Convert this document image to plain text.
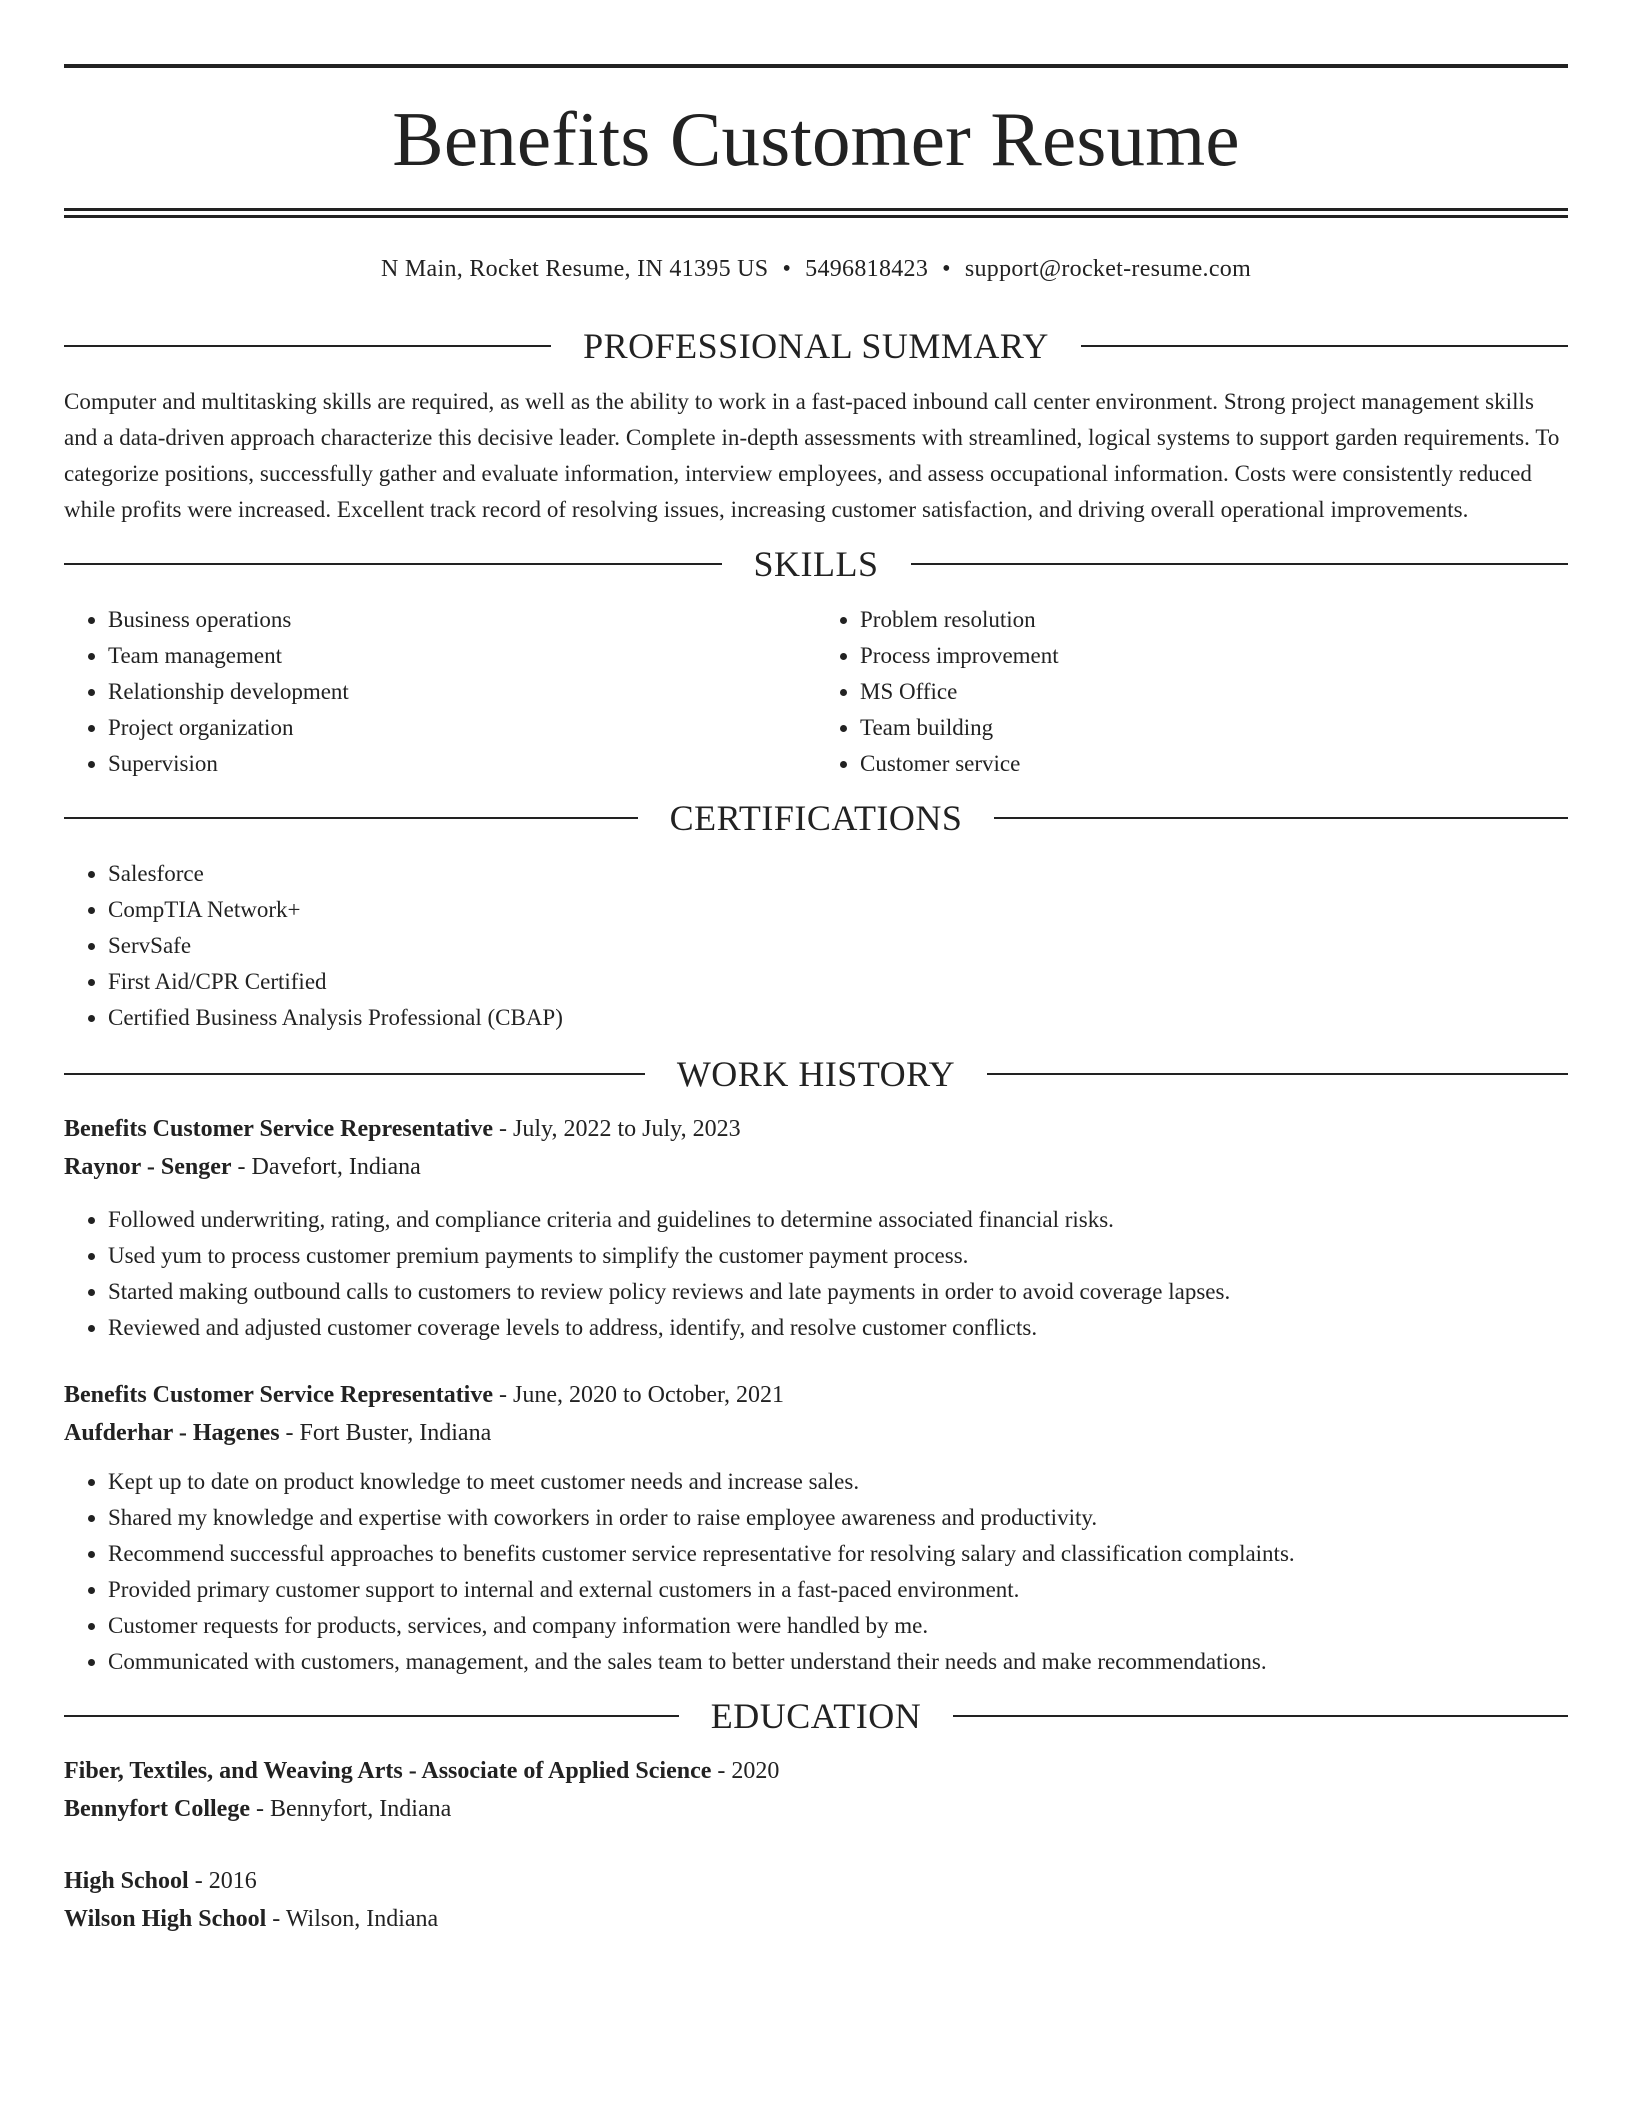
Benefits Customer Resume
N Main, Rocket Resume, IN 41395 US • 5496818423 • support@rocket-resume.com
PROFESSIONAL SUMMARY

Computer and multitasking skills are required, as well as the ability to work in a fast-paced inbound call center environment. Strong project management skills and a data-driven approach characterize this decisive leader. Complete in-depth assessments with streamlined, logical systems to support garden requirements. To categorize positions, successfully gather and evaluate information, interview employees, and assess occupational information. Costs were consistently reduced while profits were increased. Excellent track record of resolving issues, increasing customer satisfaction, and driving overall operational improvements.

SKILLS
• Business operations
• Team management
• Relationship development
• Project organization
• Supervision
• Problem resolution
• Process improvement
• MS Office
• Team building
• Customer service
CERTIFICATIONS
• Salesforce
• CompTIA Network+
• ServSafe
• First Aid/CPR Certified
• Certified Business Analysis Professional (CBAP)
WORK HISTORY
Benefits Customer Service Representative - July, 2022 to July, 2023
Raynor - Senger - Davefort, Indiana
• Followed underwriting, rating, and compliance criteria and guidelines to determine associated financial risks.
• Used yum to process customer premium payments to simplify the customer payment process.
• Started making outbound calls to customers to review policy reviews and late payments in order to avoid coverage lapses.
• Reviewed and adjusted customer coverage levels to address, identify, and resolve customer conflicts.
Benefits Customer Service Representative - June, 2020 to October, 2021
Aufderhar - Hagenes - Fort Buster, Indiana
• Kept up to date on product knowledge to meet customer needs and increase sales.
• Shared my knowledge and expertise with coworkers in order to raise employee awareness and productivity.
• Recommend successful approaches to benefits customer service representative for resolving salary and classification complaints.
• Provided primary customer support to internal and external customers in a fast-paced environment.
• Customer requests for products, services, and company information were handled by me.
• Communicated with customers, management, and the sales team to better understand their needs and make recommendations.
EDUCATION
Fiber, Textiles, and Weaving Arts - Associate of Applied Science - 2020
Bennyfort College - Bennyfort, Indiana
High School - 2016
Wilson High School - Wilson, Indiana
